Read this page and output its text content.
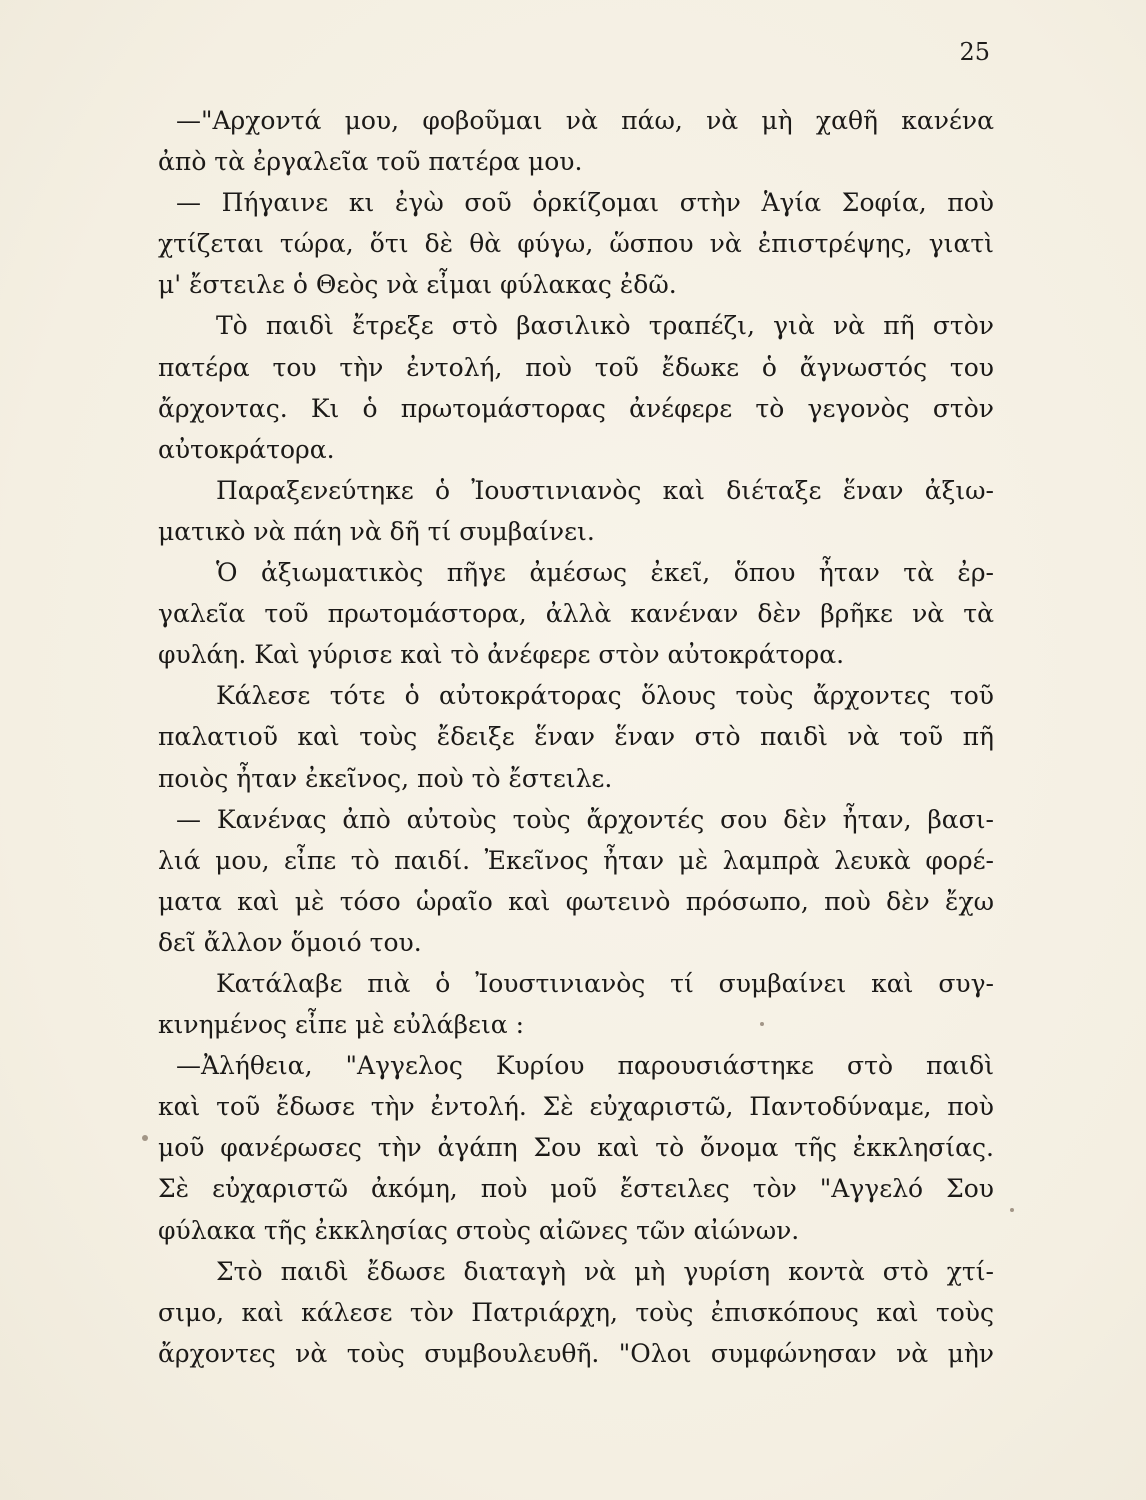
25
—"Αρχοντά μου, φοβοῦμαι νὰ πάω, νὰ μὴ χαθῆ κανένα
ἀπὸ τὰ ἐργαλεῖα τοῦ πατέρα μου.
— Πήγαινε κι ἐγὼ σοῦ ὁρκίζομαι στὴν Ἁγία Σοφία, ποὺ
χτίζεται τώρα, ὅτι δὲ θὰ φύγω, ὥσπου νὰ ἐπιστρέψης, γιατὶ
μ' ἔστειλε ὁ Θεὸς νὰ εἶμαι φύλακας ἐδῶ.
Τὸ παιδὶ ἔτρεξε στὸ βασιλικὸ τραπέζι, γιὰ νὰ πῆ στὸν
πατέρα του τὴν ἐντολή, ποὺ τοῦ ἔδωκε ὁ ἄγνωστός του
ἄρχοντας. Κι ὁ πρωτομάστορας ἀνέφερε τὸ γεγονὸς στὸν
αὐτοκράτορα.
Παραξενεύτηκε ὁ Ἰουστινιανὸς καὶ διέταξε ἕναν ἀξιω-
ματικὸ νὰ πάη νὰ δῆ τί συμβαίνει.
Ὁ ἀξιωματικὸς πῆγε ἀμέσως ἐκεῖ, ὅπου ἦταν τὰ ἐρ-
γαλεῖα τοῦ πρωτομάστορα, ἀλλὰ κανέναν δὲν βρῆκε νὰ τὰ
φυλάη. Καὶ γύρισε καὶ τὸ ἀνέφερε στὸν αὐτοκράτορα.
Κάλεσε τότε ὁ αὐτοκράτορας ὅλους τοὺς ἄρχοντες τοῦ
παλατιοῦ καὶ τοὺς ἔδειξε ἕναν ἕναν στὸ παιδὶ νὰ τοῦ πῆ
ποιὸς ἦταν ἐκεῖνος, ποὺ τὸ ἔστειλε.
— Κανένας ἀπὸ αὐτοὺς τοὺς ἄρχοντές σου δὲν ἦταν, βασι-
λιά μου, εἶπε τὸ παιδί. Ἐκεῖνος ἦταν μὲ λαμπρὰ λευκὰ φορέ-
ματα καὶ μὲ τόσο ὡραῖο καὶ φωτεινὸ πρόσωπο, ποὺ δὲν ἔχω
δεῖ ἄλλον ὅμοιό του.
Κατάλαβε πιὰ ὁ Ἰουστινιανὸς τί συμβαίνει καὶ συγ-
κινημένος εἶπε μὲ εὐλάβεια :
—Ἀλήθεια, "Αγγελος Κυρίου παρουσιάστηκε στὸ παιδὶ
καὶ τοῦ ἔδωσε τὴν ἐντολή. Σὲ εὐχαριστῶ, Παντοδύναμε, ποὺ
μοῦ φανέρωσες τὴν ἀγάπη Σου καὶ τὸ ὄνομα τῆς ἐκκλησίας.
Σὲ εὐχαριστῶ ἀκόμη, ποὺ μοῦ ἔστειλες τὸν "Αγγελό Σου
φύλακα τῆς ἐκκλησίας στοὺς αἰῶνες τῶν αἰώνων.
Στὸ παιδὶ ἔδωσε διαταγὴ νὰ μὴ γυρίση κοντὰ στὸ χτί-
σιμο, καὶ κάλεσε τὸν Πατριάρχη, τοὺς ἐπισκόπους καὶ τοὺς
ἄρχοντες νὰ τοὺς συμβουλευθῆ. "Ολοι συμφώνησαν νὰ μὴν
